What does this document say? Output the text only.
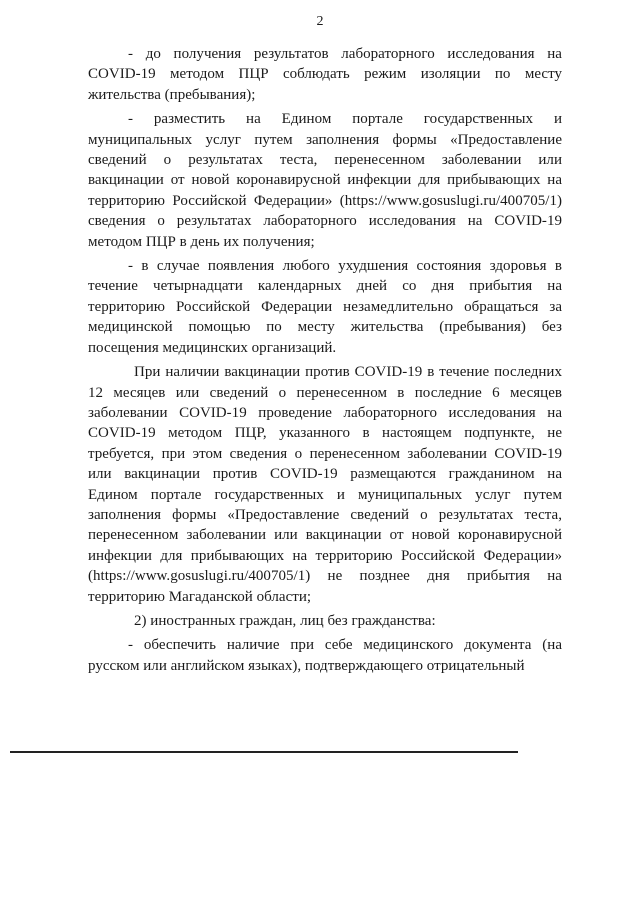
2

- до получения результатов лабораторного исследования на COVID-19 методом ПЦР соблюдать режим изоляции по месту жительства (пребывания);

- разместить на Едином портале государственных и муниципальных услуг путем заполнения формы «Предоставление сведений о результатах теста, перенесенном заболевании или вакцинации от новой коронавирусной инфекции для прибывающих на территорию Российской Федерации» (https://www.gosuslugi.ru/400705/1) сведения о результатах лабораторного исследования на COVID-19 методом ПЦР в день их получения;

- в случае появления любого ухудшения состояния здоровья в течение четырнадцати календарных дней со дня прибытия на территорию Российской Федерации незамедлительно обращаться за медицинской помощью по месту жительства (пребывания) без посещения медицинских организаций.

При наличии вакцинации против COVID-19 в течение последних 12 месяцев или сведений о перенесенном в последние 6 месяцев заболевании COVID-19 проведение лабораторного исследования на COVID-19 методом ПЦР, указанного в настоящем подпункте, не требуется, при этом сведения о перенесенном заболевании COVID-19 или вакцинации против COVID-19 размещаются гражданином на Едином портале государственных и муниципальных услуг путем заполнения формы «Предоставление сведений о результатах теста, перенесенном заболевании или вакцинации от новой коронавирусной инфекции для прибывающих на территорию Российской Федерации» (https://www.gosuslugi.ru/400705/1) не позднее дня прибытия на территорию Магаданской области;

2) иностранных граждан, лиц без гражданства:

- обеспечить наличие при себе медицинского документа (на русском или английском языках), подтверждающего отрицательный
